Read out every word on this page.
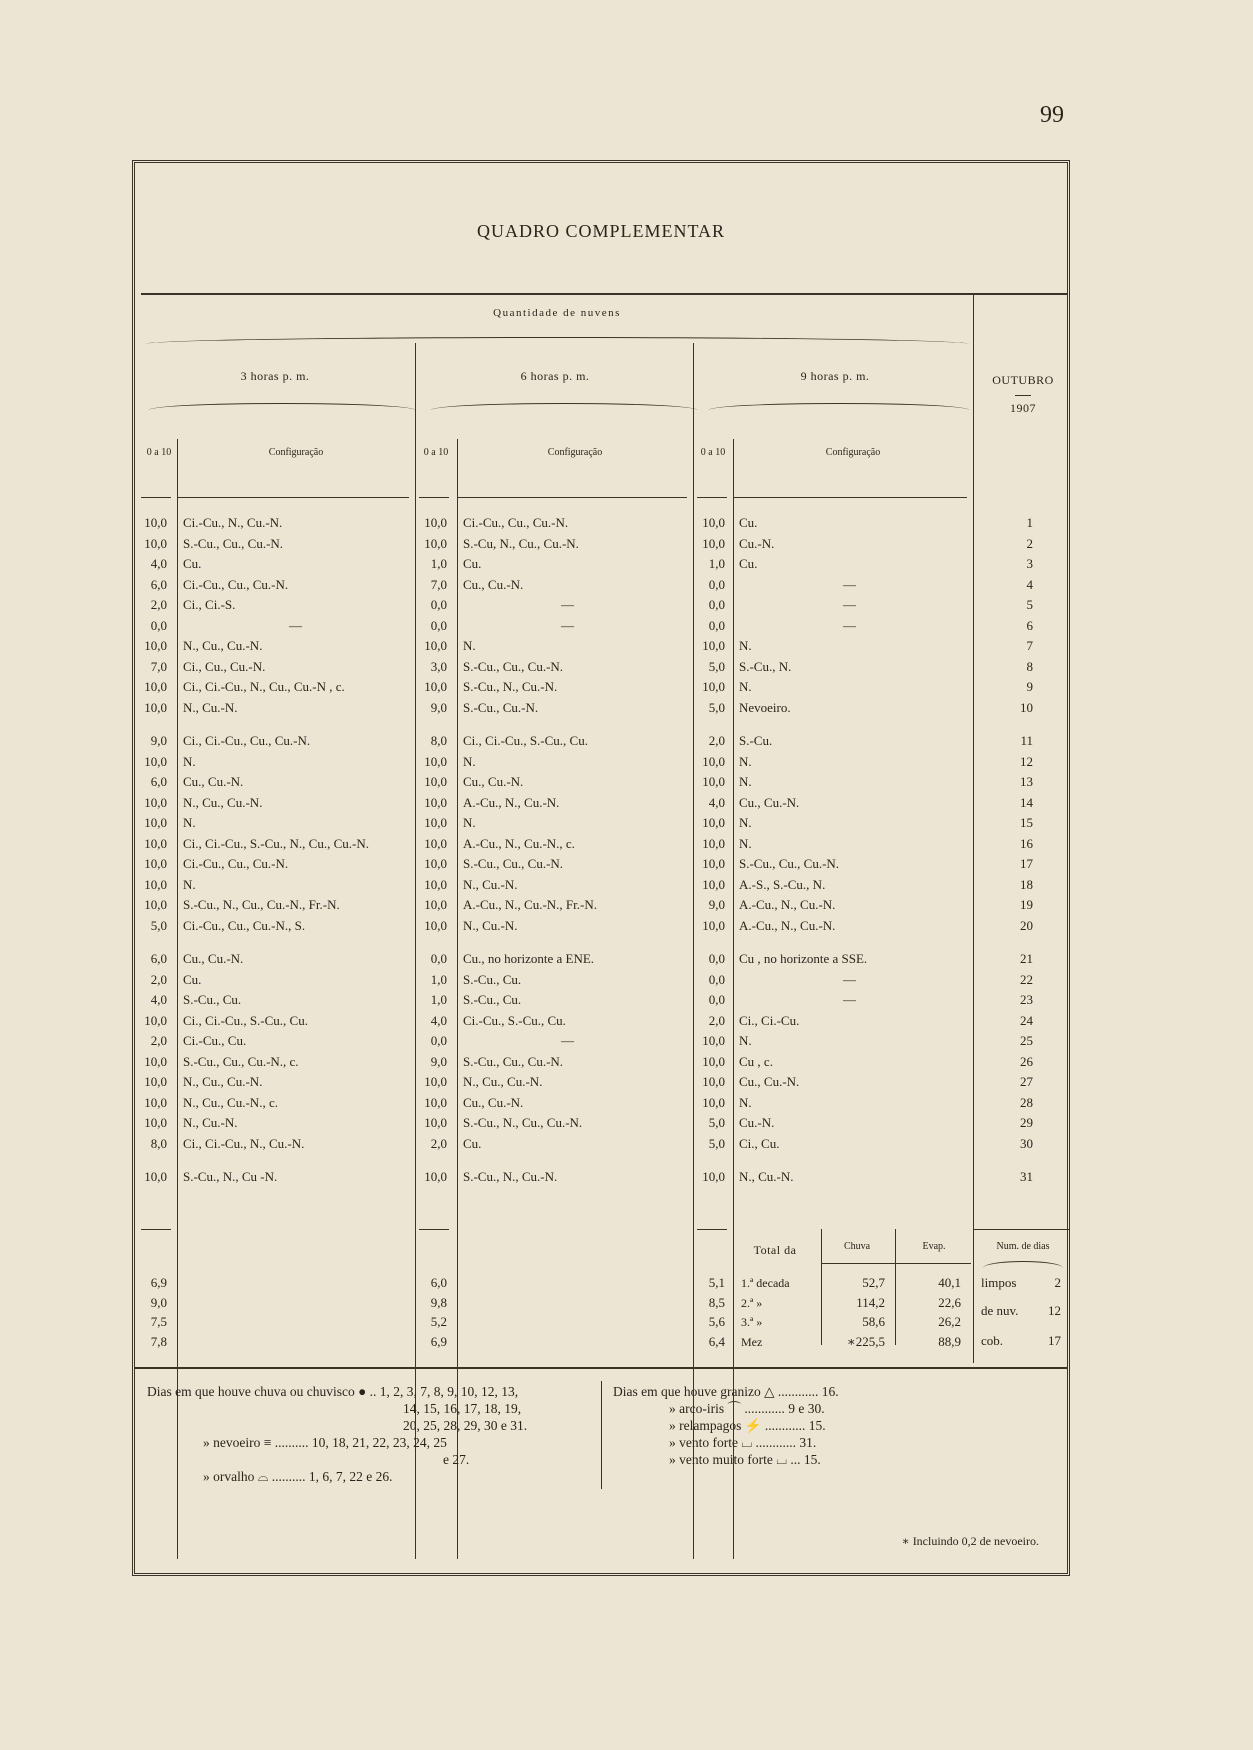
99
QUADRO COMPLEMENTAR
Quantidade de nuvens
3 horas p. m.	6 horas p. m.	9 horas p. m.	OUTUBRO
1907
0 a 10	Configuração	0 a 10	Configuração	0 a 10	Configuração
10,0 Ci.-Cu., N., Cu.-N.	10,0 Ci.-Cu., Cu., Cu.-N.	10,0 Cu.	1
10,0 S.-Cu., Cu., Cu.-N.	10,0 S.-Cu, N., Cu., Cu.-N.	10,0 Cu.-N.	2
4,0 Cu.	1,0 Cu.	1,0 Cu.	3
6,0 Ci.-Cu., Cu., Cu.-N.	7,0 Cu., Cu.-N.	0,0	—	4
2,0 Ci., Ci.-S.	0,0	—	0,0	—	5
0,0	—	0,0	—	0,0	—	6
10,0 N., Cu., Cu.-N.	10,0 N.	10,0 N.	7
7,0 Ci., Cu., Cu.-N.	3,0 S.-Cu., Cu., Cu.-N.	5,0 S.-Cu., N.	8
10,0 Ci., Ci.-Cu., N., Cu., Cu.-N , c.	10,0 S.-Cu., N., Cu.-N.	10,0 N.	9
10,0 N., Cu.-N.	9,0 S.-Cu., Cu.-N.	5,0 Nevoeiro.	10
9,0 Ci., Ci.-Cu., Cu., Cu.-N.	8,0 Ci., Ci.-Cu., S.-Cu., Cu.	2,0 S.-Cu.	11
10,0 N.	10,0 N.	10,0 N.	12
6,0 Cu., Cu.-N.	10,0 Cu., Cu.-N.	10,0 N.	13
10,0 N., Cu., Cu.-N.	10,0 A.-Cu., N., Cu.-N.	4,0 Cu., Cu.-N.	14
10,0 N.	10,0 N.	10,0 N.	15
10,0 Ci., Ci.-Cu., S.-Cu., N., Cu., Cu.-N.	10,0 A.-Cu., N., Cu.-N., c.	10,0 N.	16
10,0 Ci.-Cu., Cu., Cu.-N.	10,0 S.-Cu., Cu., Cu.-N.	10,0 S.-Cu., Cu., Cu.-N.	17
10,0 N.	10,0 N., Cu.-N.	10,0 A.-S., S.-Cu., N.	18
10,0 S.-Cu., N., Cu., Cu.-N., Fr.-N.	10,0 A.-Cu., N., Cu.-N., Fr.-N.	9,0 A.-Cu., N., Cu.-N.	19
5,0 Ci.-Cu., Cu., Cu.-N., S.	10,0 N., Cu.-N.	10,0 A.-Cu., N., Cu.-N.	20
6,0 Cu., Cu.-N.	0,0 Cu., no horizonte a ENE.	0,0 Cu , no horizonte a SSE.	21
2,0 Cu.	1,0 S.-Cu., Cu.	0,0	—	22
4,0 S.-Cu., Cu.	1,0 S.-Cu., Cu.	0,0	—	23
10,0 Ci., Ci.-Cu., S.-Cu., Cu.	4,0 Ci.-Cu., S.-Cu., Cu.	2,0 Ci., Ci.-Cu.	24
2,0 Ci.-Cu., Cu.	0,0	—	10,0 N.	25
10,0 S.-Cu., Cu., Cu.-N., c.	9,0 S.-Cu., Cu., Cu.-N.	10,0 Cu , c.	26
10,0 N., Cu., Cu.-N.	10,0 N., Cu., Cu.-N.	10,0 Cu., Cu.-N.	27
10,0 N., Cu., Cu.-N., c.	10,0 Cu., Cu.-N.	10,0 N.	28
10,0 N., Cu.-N.	10,0 S.-Cu., N., Cu., Cu.-N.	5,0 Cu.-N.	29
8,0 Ci., Ci.-Cu., N., Cu.-N.	2,0 Cu.	5,0 Ci., Cu.	30
10,0 S.-Cu., N., Cu -N.	10,0 S.-Cu., N., Cu.-N.	10,0 N., Cu.-N.	31
Total da	Chuva	Evap.	Num. de dias
6,9	6,0	5,1 1.ª decada	52,7	40,1
9,0	9,8	8,5 2.ª »	114,2	22,6
7,5	5,2	5,6 3.ª »	58,6	26,2
7,8	6,9	6,4 Mez	∗225,5	88,9
limpos	2
de nuv.	12
cob.	17
Dias em que houve chuva ou chuvisco ● .. 1, 2, 3, 7, 8, 9, 10, 12, 13,
14, 15, 16, 17, 18, 19,
20, 25, 28, 29, 30 e 31.
» nevoeiro ≡ .......... 10, 18, 21, 22, 23, 24, 25
e 27.
» orvalho ⌓ .......... 1, 6, 7, 22 e 26.
Dias em que houve granizo △ ............ 16.
» arco-iris ⌒ ............ 9 e 30.
» relampagos ⚡ ............ 15.
» vento forte ⌴ ............ 31.
» vento muito forte ⌴ ... 15.
∗ Incluindo 0,2 de nevoeiro.
